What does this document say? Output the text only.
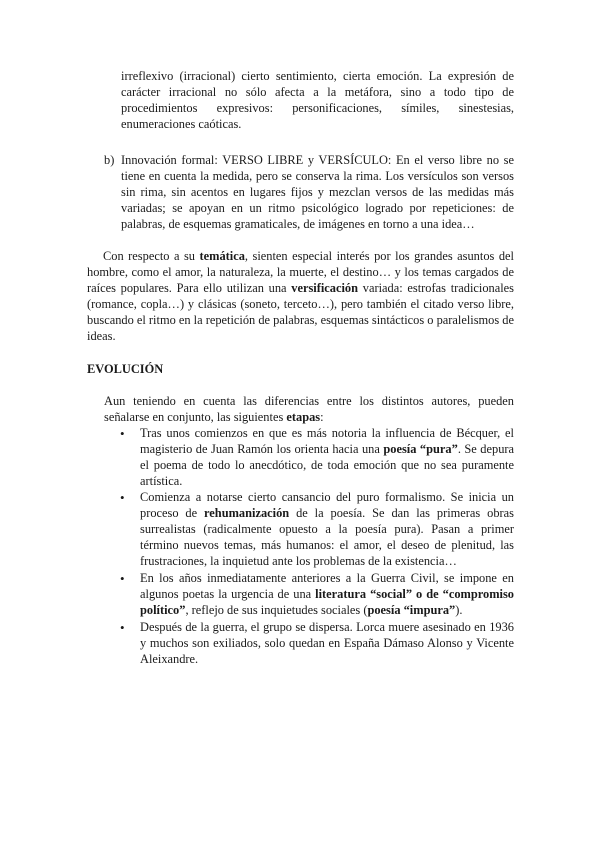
irreflexivo (irracional) cierto sentimiento, cierta emoción. La expresión de carácter irracional no sólo afecta a la metáfora, sino a todo tipo de procedimientos expresivos: personificaciones, símiles, sinestesias, enumeraciones caóticas.

b) Innovación formal: VERSO LIBRE y VERSÍCULO: En el verso libre no se tiene en cuenta la medida, pero se conserva la rima. Los versículos son versos sin rima, sin acentos en lugares fijos y mezclan versos de las medidas más variadas; se apoyan en un ritmo psicológico logrado por repeticiones: de palabras, de esquemas gramaticales, de imágenes en torno a una idea…

Con respecto a su temática, sienten especial interés por los grandes asuntos del hombre, como el amor, la naturaleza, la muerte, el destino… y los temas cargados de raíces populares. Para ello utilizan una versificación variada: estrofas tradicionales (romance, copla…) y clásicas (soneto, terceto…), pero también el citado verso libre, buscando el ritmo en la repetición de palabras, esquemas sintácticos o paralelismos de ideas.

EVOLUCIÓN

Aun teniendo en cuenta las diferencias entre los distintos autores, pueden señalarse en conjunto, las siguientes etapas:

• Tras unos comienzos en que es más notoria la influencia de Bécquer, el magisterio de Juan Ramón los orienta hacia una poesía “pura”. Se depura el poema de todo lo anecdótico, de toda emoción que no sea puramente artística.

• Comienza a notarse cierto cansancio del puro formalismo. Se inicia un proceso de rehumanización de la poesía. Se dan las primeras obras surrealistas (radicalmente opuesto a la poesía pura). Pasan a primer término nuevos temas, más humanos: el amor, el deseo de plenitud, las frustraciones, la inquietud ante los problemas de la existencia…

• En los años inmediatamente anteriores a la Guerra Civil, se impone en algunos poetas la urgencia de una literatura “social” o de “compromiso político”, reflejo de sus inquietudes sociales (poesía “impura”).

• Después de la guerra, el grupo se dispersa. Lorca muere asesinado en 1936 y muchos son exiliados, solo quedan en España Dámaso Alonso y Vicente Aleixandre.
